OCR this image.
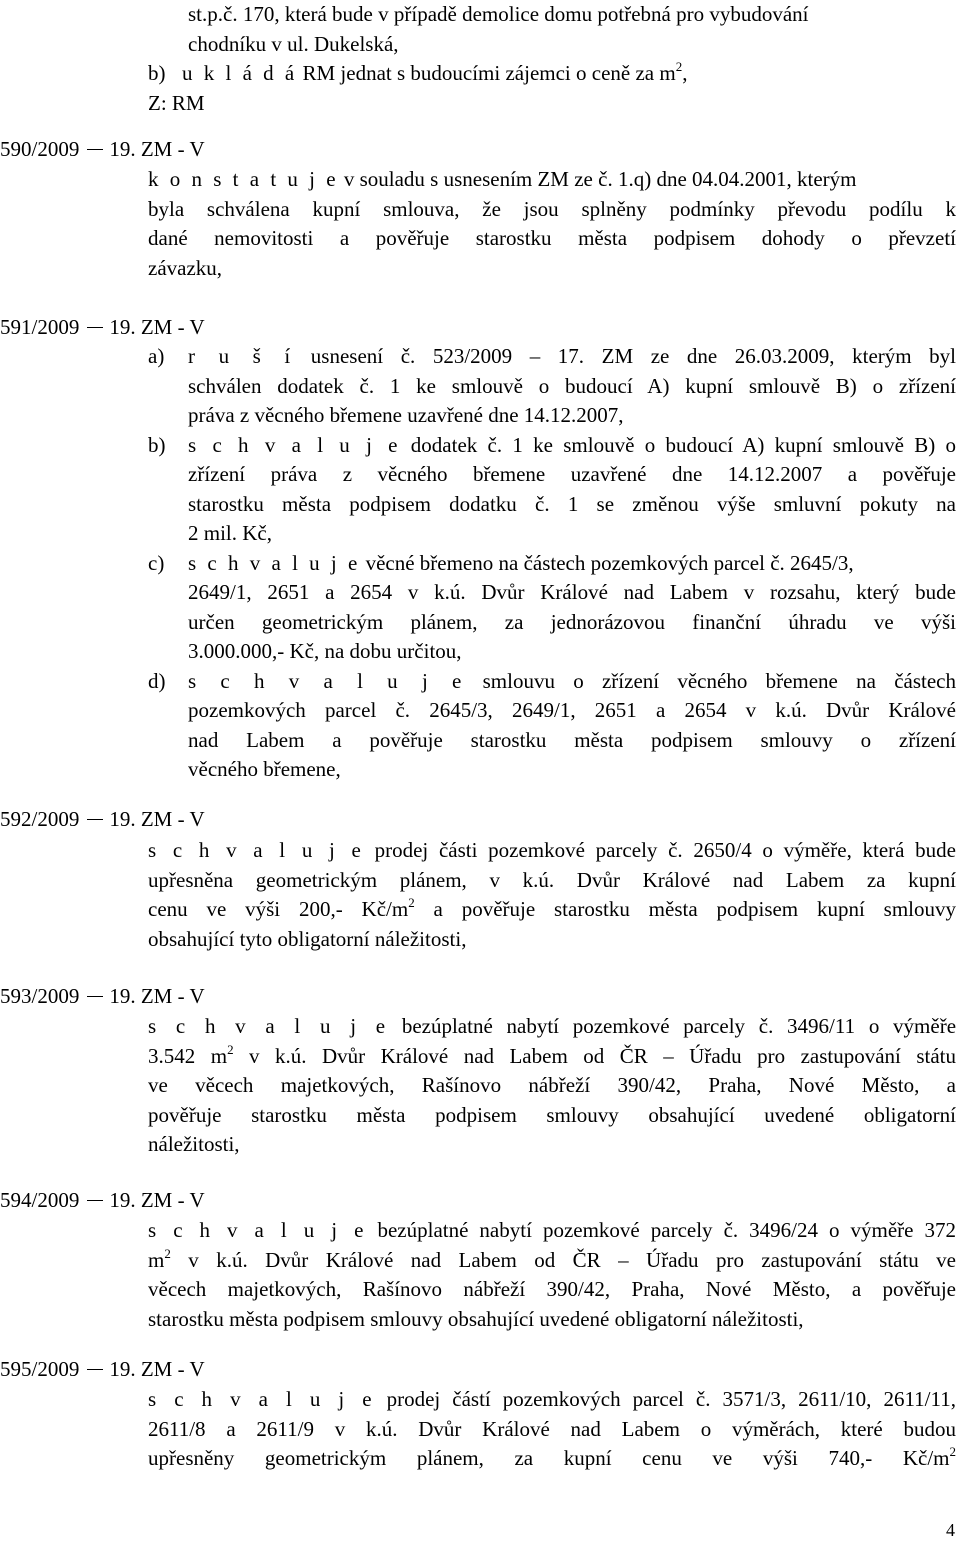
st.p.č. 170, která bude v případě demolice domu potřebná pro vybudování
chodníku v ul. Dukelská,
b) u k l á d á RM jednat s budoucími zájemci o ceně za $m^2$,
Z: RM
590/2009 19. ZM - V
k o n s t a t u j e v souladu s usnesením ZM ze č. 1.q) dne 04.04.2001, kterým
byla schválena kupní smlouva, že jsou splněny podmínky převodu podílu k
dané nemovitosti a pověřuje starostku města podpisem dohody o převzetí
závazku,
591/2009 19. ZM - V
a) r u š í usnesení č. 523/2009 – 17. ZM ze dne 26.03.2009, kterým byl
schválen dodatek č. 1 ke smlouvě o budoucí A) kupní smlouvě B) o zřízení
práva z věcného břemene uzavřené dne 14.12.2007,
b) s c h v a l u j e dodatek č. 1 ke smlouvě o budoucí A) kupní smlouvě B) o
zřízení práva z věcného břemene uzavřené dne 14.12.2007 a pověřuje
starostku města podpisem dodatku č. 1 se změnou výše smluvní pokuty na
2 mil. Kč,
c) s c h v a l u j e věcné břemeno na částech pozemkových parcel č. 2645/3,
2649/1, 2651 a 2654 v k.ú. Dvůr Králové nad Labem v rozsahu, který bude
určen geometrickým plánem, za jednorázovou finanční úhradu ve výši
3.000.000,- Kč, na dobu určitou,
d) s c h v a l u j e smlouvu o zřízení věcného břemene na částech
pozemkových parcel č. 2645/3, 2649/1, 2651 a 2654 v k.ú. Dvůr Králové
nad Labem a pověřuje starostku města podpisem smlouvy o zřízení
věcného břemene,
592/2009 19. ZM - V
s c h v a l u j e prodej části pozemkové parcely č. 2650/4 o výměře, která bude
upřesněna geometrickým plánem, v k.ú. Dvůr Králové nad Labem za kupní
cenu ve výši 200,- $Kč/m^2$ a pověřuje starostku města podpisem kupní smlouvy
obsahující tyto obligatorní náležitosti,
593/2009 19. ZM - V
s c h v a l u j e bezúplatné nabytí pozemkové parcely č. 3496/11 o výměře
3.542 $m^2$ v k.ú. Dvůr Králové nad Labem od ČR – Úřadu pro zastupování státu
ve věcech majetkových, Rašínovo nábřeží 390/42, Praha, Nové Město, a
pověřuje starostku města podpisem smlouvy obsahující uvedené obligatorní
náležitosti,
594/2009 19. ZM - V
s c h v a l u j e bezúplatné nabytí pozemkové parcely č. 3496/24 o výměře 372
$m^2$ v k.ú. Dvůr Králové nad Labem od ČR – Úřadu pro zastupování státu ve
věcech majetkových, Rašínovo nábřeží 390/42, Praha, Nové Město, a pověřuje
starostku města podpisem smlouvy obsahující uvedené obligatorní náležitosti,
595/2009 19. ZM - V
s c h v a l u j e prodej částí pozemkových parcel č. 3571/3, 2611/10, 2611/11,
2611/8 a 2611/9 v k.ú. Dvůr Králové nad Labem o výměrách, které budou
upřesněny geometrickým plánem, za kupní cenu ve výši 740,- $Kč/m^2$
4
